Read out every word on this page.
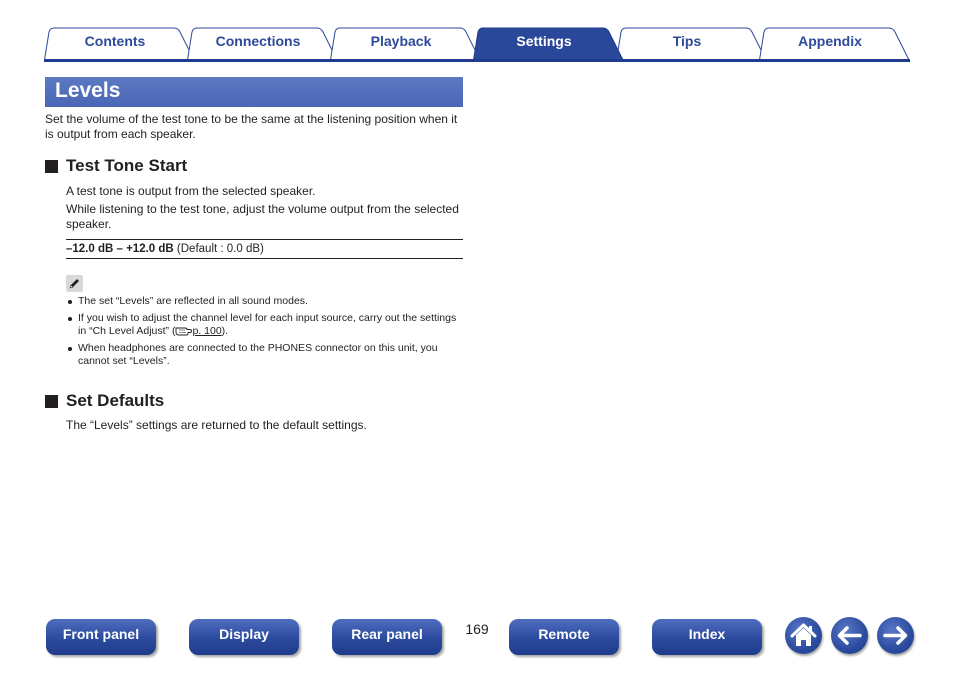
Contents	Connections	Playback	Settings	Tips	Appendix
Levels
Set the volume of the test tone to be the same at the listening position when it is output from each speaker.
Test Tone Start
A test tone is output from the selected speaker.
While listening to the test tone, adjust the volume output from the selected speaker.
–12.0 dB – +12.0 dB (Default : 0.0 dB)
The set “Levels” are reflected in all sound modes.
If you wish to adjust the channel level for each input source, carry out the settings in “Ch Level Adjust” ( p. 100).
When headphones are connected to the PHONES connector on this unit, you cannot set “Levels”.
Set Defaults
The “Levels” settings are returned to the default settings.
Front panel	Display	Rear panel	169	Remote	Index
